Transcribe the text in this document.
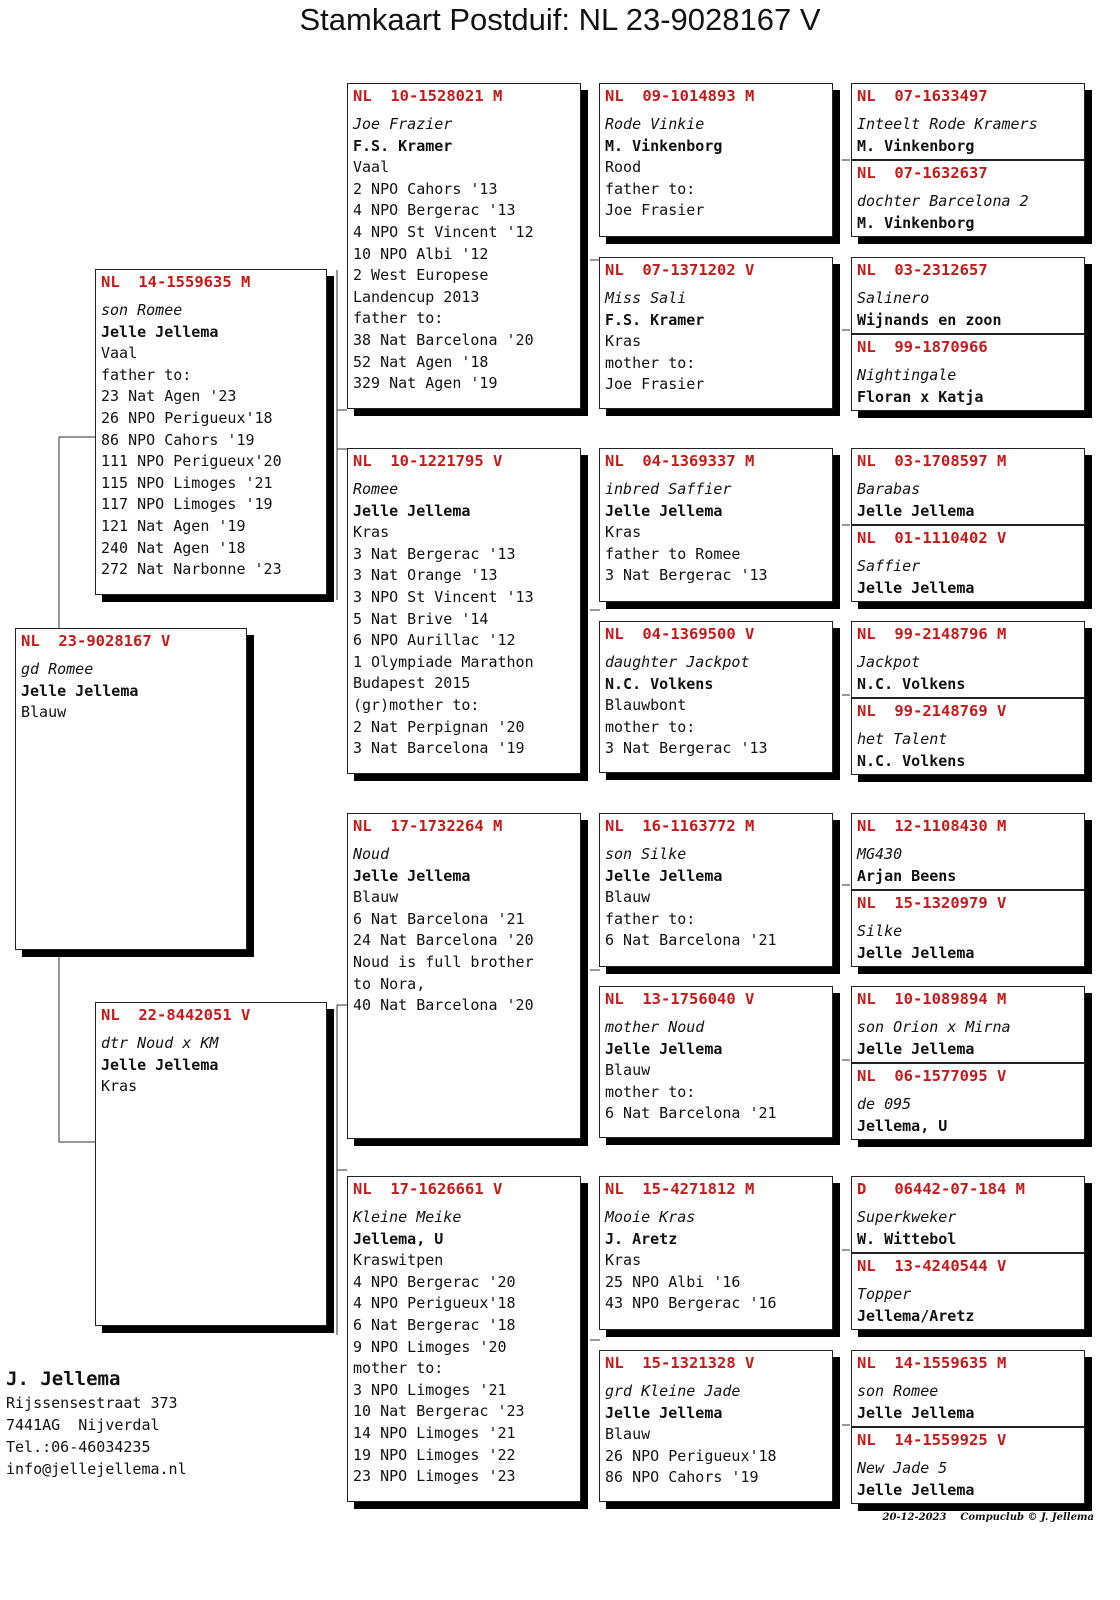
Stamkaart Postduif: NL 23-9028167 V
NL  23-9028167 V
gd Romee
Jelle Jellema
Blauw
NL  14-1559635 M
son Romee
Jelle Jellema
Vaal
father to:
23 Nat Agen '23
26 NPO Perigueux'18
86 NPO Cahors '19
111 NPO Perigueux'20
115 NPO Limoges '21
117 NPO Limoges '19
121 Nat Agen '19
240 Nat Agen '18
272 Nat Narbonne '23
NL  22-8442051 V
dtr Noud x KM
Jelle Jellema
Kras
NL  10-1528021 M
Joe Frazier
F.S. Kramer
Vaal
2 NPO Cahors '13
4 NPO Bergerac '13
4 NPO St Vincent '12
10 NPO Albi '12
2 West Europese
Landencup 2013
father to:
38 Nat Barcelona '20
52 Nat Agen '18
329 Nat Agen '19
NL  10-1221795 V
Romee
Jelle Jellema
Kras
3 Nat Bergerac '13
3 Nat Orange '13
3 NPO St Vincent '13
5 Nat Brive '14
6 NPO Aurillac '12
1 Olympiade Marathon
Budapest 2015
(gr)mother to:
2 Nat Perpignan '20
3 Nat Barcelona '19
NL  17-1732264 M
Noud
Jelle Jellema
Blauw
6 Nat Barcelona '21
24 Nat Barcelona '20
Noud is full brother
to Nora,
40 Nat Barcelona '20
NL  17-1626661 V
Kleine Meike
Jellema, U
Kraswitpen
4 NPO Bergerac '20
4 NPO Perigueux'18
6 Nat Bergerac '18
9 NPO Limoges '20
mother to:
3 NPO Limoges '21
10 Nat Bergerac '23
14 NPO Limoges '21
19 NPO Limoges '22
23 NPO Limoges '23
NL  09-1014893 M
Rode Vinkie
M. Vinkenborg
Rood
father to:
Joe Frasier
NL  07-1371202 V
Miss Sali
F.S. Kramer
Kras
mother to:
Joe Frasier
NL  04-1369337 M
inbred Saffier
Jelle Jellema
Kras
father to Romee
3 Nat Bergerac '13
NL  04-1369500 V
daughter Jackpot
N.C. Volkens
Blauwbont
mother to:
3 Nat Bergerac '13
NL  16-1163772 M
son Silke
Jelle Jellema
Blauw
father to:
6 Nat Barcelona '21
NL  13-1756040 V
mother Noud
Jelle Jellema
Blauw
mother to:
6 Nat Barcelona '21
NL  15-4271812 M
Mooie Kras
J. Aretz
Kras
25 NPO Albi '16
43 NPO Bergerac '16
NL  15-1321328 V
grd Kleine Jade
Jelle Jellema
Blauw
26 NPO Perigueux'18
86 NPO Cahors '19
NL  07-1633497
Inteelt Rode Kramers
M. Vinkenborg
NL  07-1632637
dochter Barcelona 2
M. Vinkenborg
NL  03-2312657
Salinero
Wijnands en zoon
NL  99-1870966
Nightingale
Floran x Katja
NL  03-1708597 M
Barabas
Jelle Jellema
NL  01-1110402 V
Saffier
Jelle Jellema
NL  99-2148796 M
Jackpot
N.C. Volkens
NL  99-2148769 V
het Talent
N.C. Volkens
NL  12-1108430 M
MG430
Arjan Beens
NL  15-1320979 V
Silke
Jelle Jellema
NL  10-1089894 M
son Orion x Mirna
Jelle Jellema
NL  06-1577095 V
de 095
Jellema, U
D   06442-07-184 M
Superkweker
W. Wittebol
NL  13-4240544 V
Topper
Jellema/Aretz
NL  14-1559635 M
son Romee
Jelle Jellema
NL  14-1559925 V
New Jade 5
Jelle Jellema
J. Jellema
Rijssensestraat 373
7441AG  Nijverdal
Tel.:06-46034235
info@jellejellema.nl
20-12-2023    Compuclub © J. Jellema
